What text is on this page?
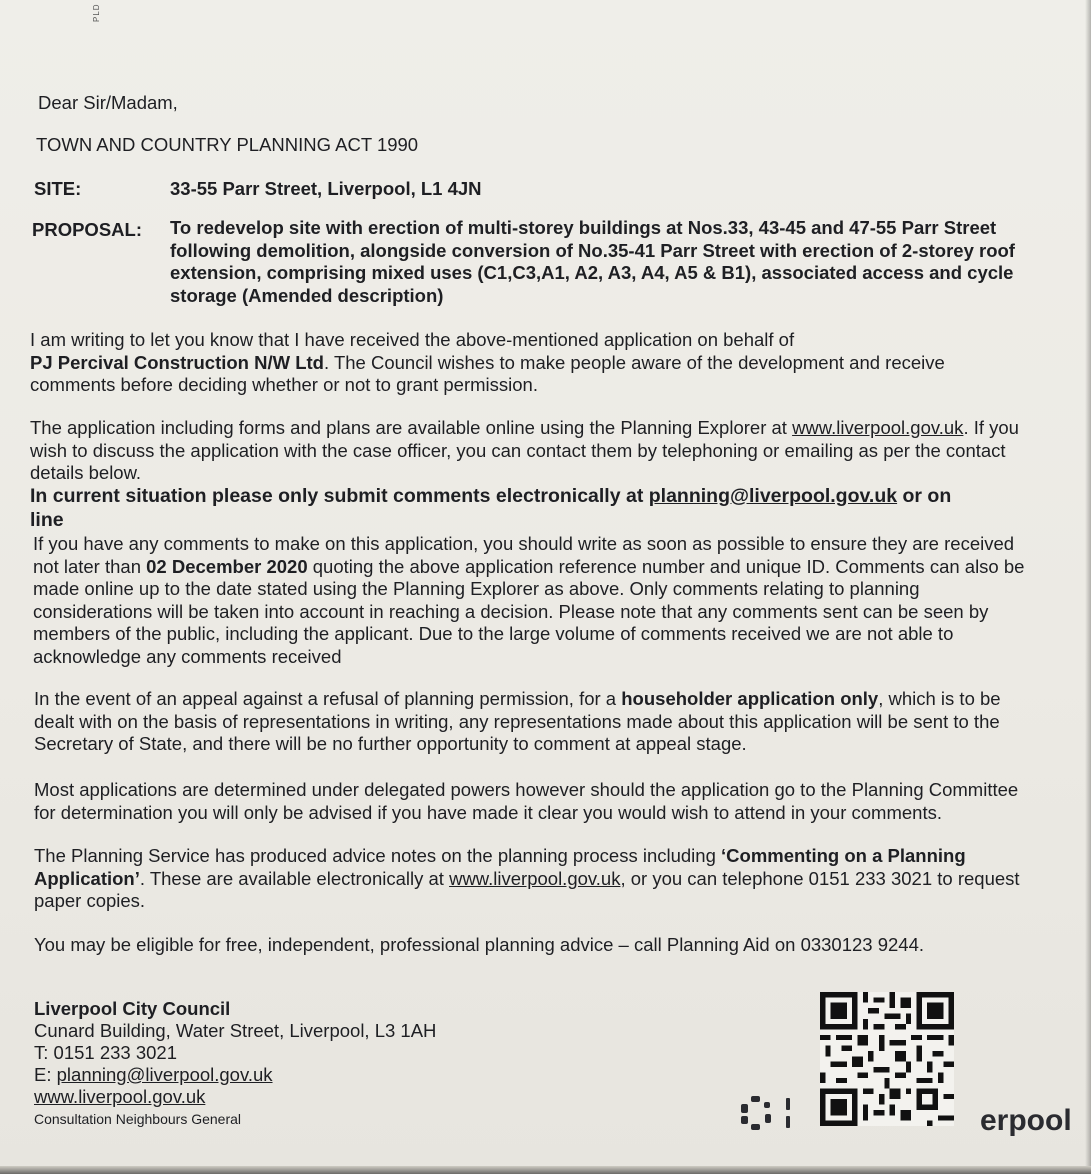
PLD
Dear Sir/Madam,
TOWN AND COUNTRY PLANNING ACT 1990
SITE:	33-55 Parr Street, Liverpool, L1 4JN
PROPOSAL: To redevelop site with erection of multi-storey buildings at Nos.33, 43-45 and 47-55 Parr Street

following demolition, alongside conversion of No.35-41 Parr Street with erection of 2-storey roof

extension, comprising mixed uses (C1,C3,A1, A2, A3, A4, A5 & B1), associated access and cycle

storage (Amended description)

I am writing to let you know that I have received the above-mentioned application on behalf of

PJ Percival Construction N/W Ltd. The Council wishes to make people aware of the development and receive

comments before deciding whether or not to grant permission.

The application including forms and plans are available online using the Planning Explorer at www.liverpool.gov.uk. If you

wish to discuss the application with the case officer, you can contact them by telephoning or emailing as per the contact

details below.

In current situation please only submit comments electronically at planning@liverpool.gov.uk or on

line

If you have any comments to make on this application, you should write as soon as possible to ensure they are received

not later than 02 December 2020 quoting the above application reference number and unique ID. Comments can also be

made online up to the date stated using the Planning Explorer as above. Only comments relating to planning

considerations will be taken into account in reaching a decision. Please note that any comments sent can be seen by

members of the public, including the applicant. Due to the large volume of comments received we are not able to

acknowledge any comments received

In the event of an appeal against a refusal of planning permission, for a householder application only, which is to be

dealt with on the basis of representations in writing, any representations made about this application will be sent to the

Secretary of State, and there will be no further opportunity to comment at appeal stage.

Most applications are determined under delegated powers however should the application go to the Planning Committee

for determination you will only be advised if you have made it clear you would wish to attend in your comments.

The Planning Service has produced advice notes on the planning process including ‘Commenting on a Planning

Application’. These are available electronically at www.liverpool.gov.uk, or you can telephone 0151 233 3021 to request

paper copies.

You may be eligible for free, independent, professional planning advice – call Planning Aid on 0330123 9244.

Liverpool City Council

Cunard Building, Water Street, Liverpool, L3 1AH

T: 0151 233 3021

E: planning@liverpool.gov.uk

www.liverpool.gov.uk

Consultation Neighbours General	erpool
